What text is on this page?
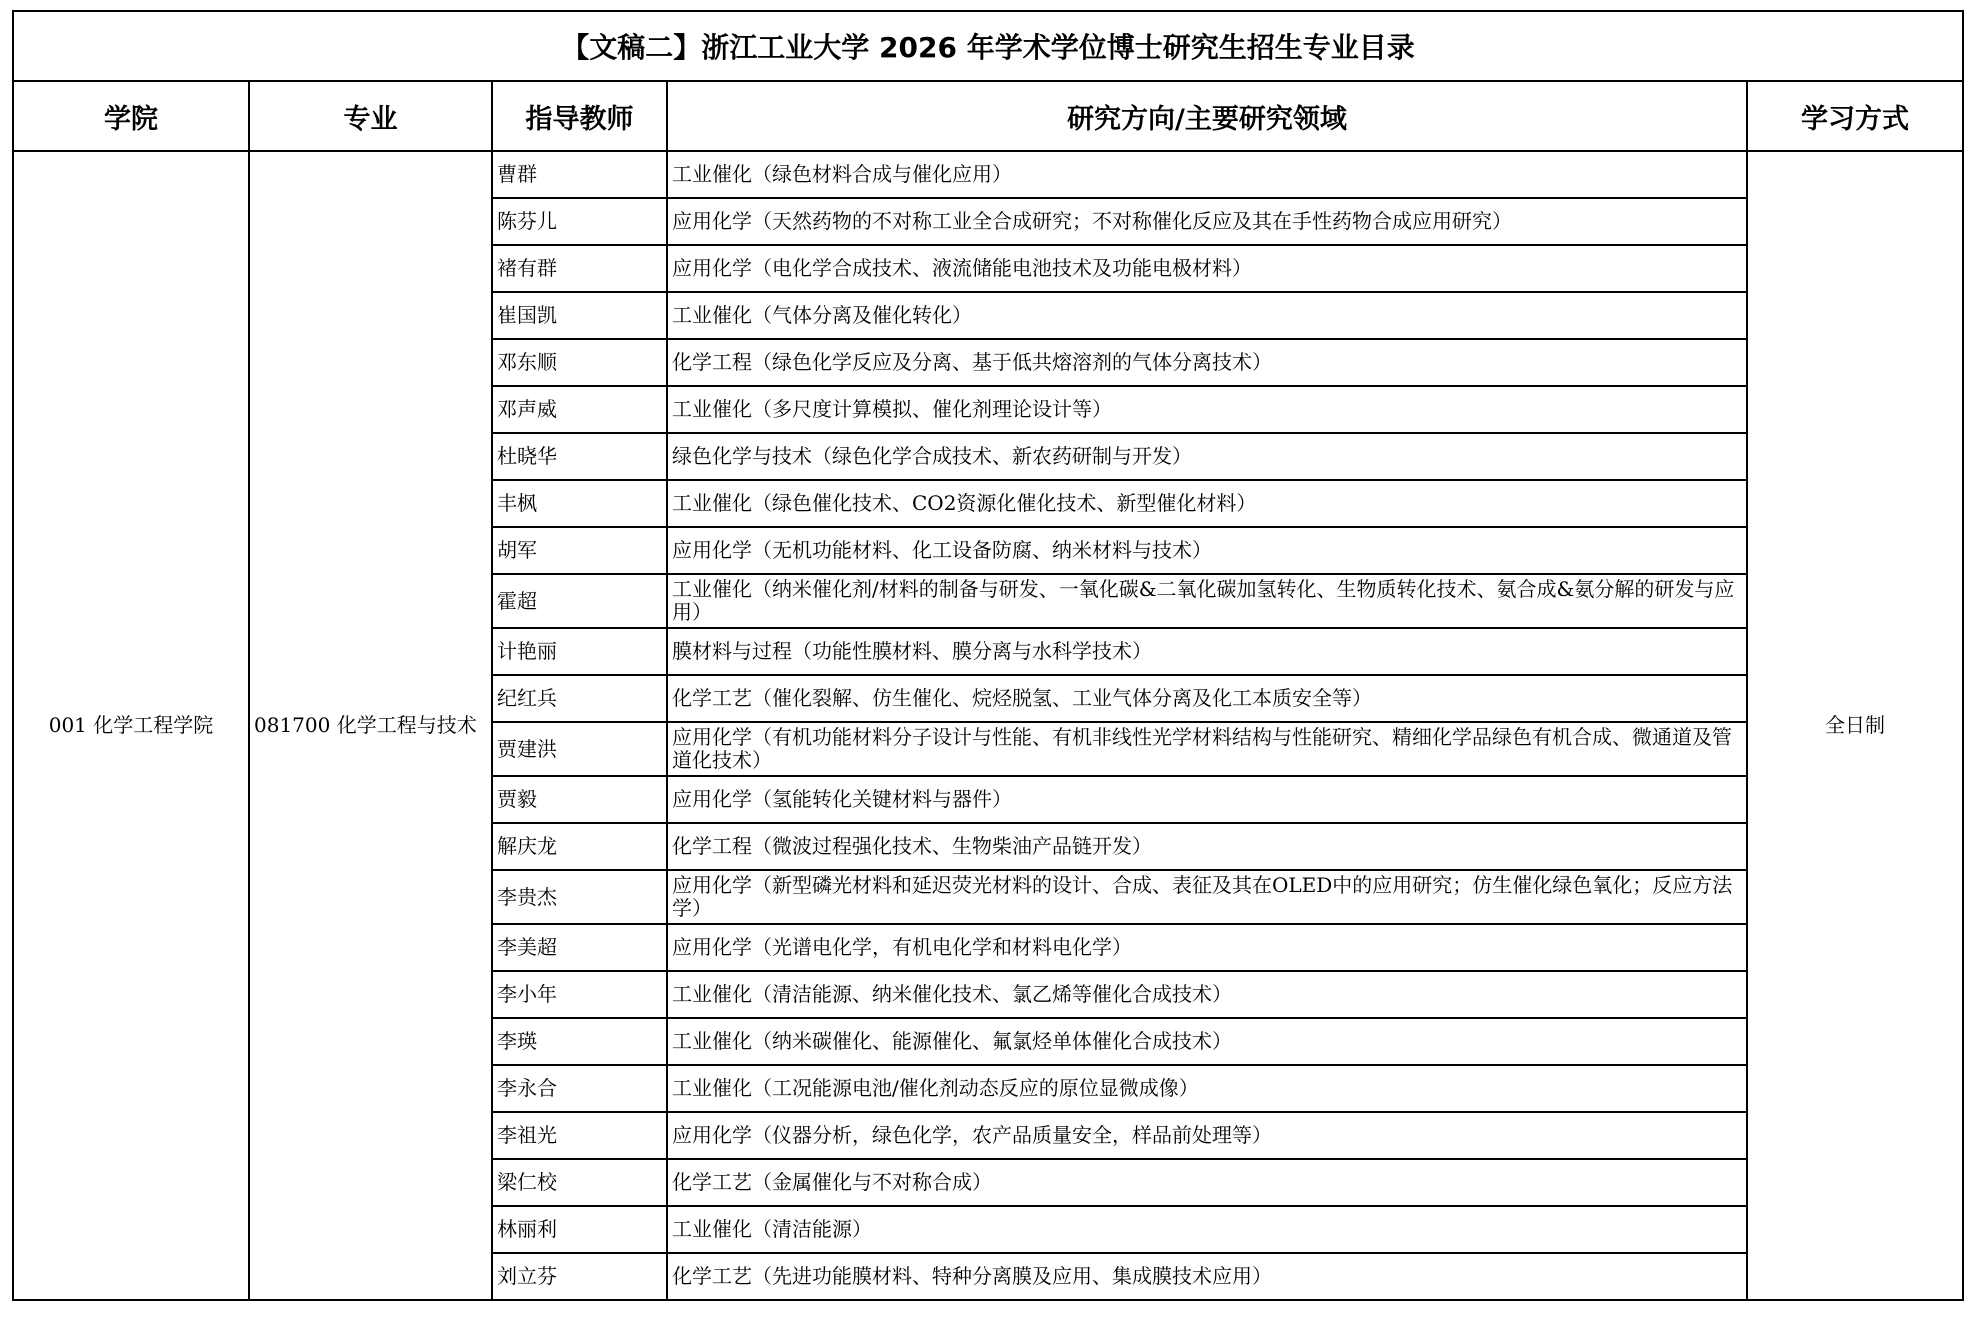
【文稿二】浙江工业大学 2026 年学术学位博士研究生招生专业目录				
学院	专业	指导教师	研究方向/主要研究领域	学习方式
001 化学工程学院	081700 化学工程与技术	曹群	工业催化（绿色材料合成与催化应用）	全日制
		陈芬儿	应用化学（天然药物的不对称工业全合成研究；不对称催化反应及其在手性药物合成应用研究）	
		褚有群	应用化学（电化学合成技术、液流储能电池技术及功能电极材料）	
		崔国凯	工业催化（气体分离及催化转化）	
		邓东顺	化学工程（绿色化学反应及分离、基于低共熔溶剂的气体分离技术）	
		邓声威	工业催化（多尺度计算模拟、催化剂理论设计等）	
		杜晓华	绿色化学与技术（绿色化学合成技术、新农药研制与开发）	
		丰枫	工业催化（绿色催化技术、CO2资源化催化技术、新型催化材料）	
		胡军	应用化学（无机功能材料、化工设备防腐、纳米材料与技术）	
		霍超	工业催化（纳米催化剂/材料的制备与研发、一氧化碳&二氧化碳加氢转化、生物质转化技术、氨合成&氨分解的研发与应用）	
		计艳丽	膜材料与过程（功能性膜材料、膜分离与水科学技术）	
		纪红兵	化学工艺（催化裂解、仿生催化、烷烃脱氢、工业气体分离及化工本质安全等）	
		贾建洪	应用化学（有机功能材料分子设计与性能、有机非线性光学材料结构与性能研究、精细化学品绿色有机合成、微通道及管道化技术）	
		贾毅	应用化学（氢能转化关键材料与器件）	
		解庆龙	化学工程（微波过程强化技术、生物柴油产品链开发）	
		李贵杰	应用化学（新型磷光材料和延迟荧光材料的设计、合成、表征及其在OLED中的应用研究；仿生催化绿色氧化；反应方法学）	
		李美超	应用化学（光谱电化学，有机电化学和材料电化学）	
		李小年	工业催化（清洁能源、纳米催化技术、氯乙烯等催化合成技术）	
		李瑛	工业催化（纳米碳催化、能源催化、氟氯烃单体催化合成技术）	
		李永合	工业催化（工况能源电池/催化剂动态反应的原位显微成像）	
		李祖光	应用化学（仪器分析，绿色化学，农产品质量安全，样品前处理等）	
		梁仁校	化学工艺（金属催化与不对称合成）	
		林丽利	工业催化（清洁能源）	
		刘立芬	化学工艺（先进功能膜材料、特种分离膜及应用、集成膜技术应用）	
